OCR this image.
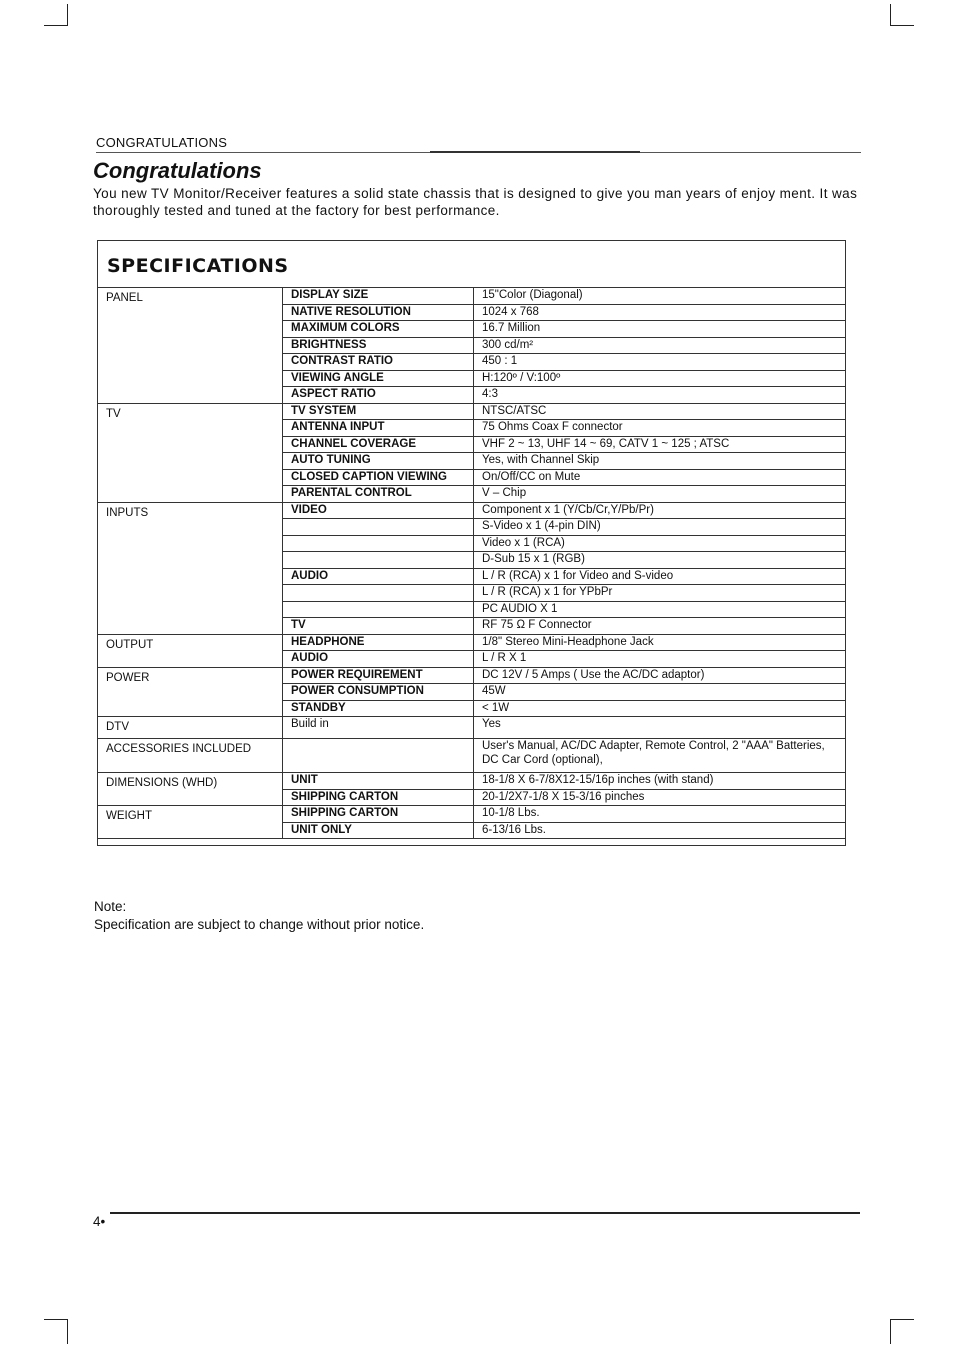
CONGRATULATIONS
Congratulations

You new TV Monitor/Receiver features a solid state chassis that is designed to give you man years of enjoy ment. It was thoroughly tested and tuned at the factory for best performance.

SPECIFICATIONS
PANEL	DISPLAY SIZE	15"Color (Diagonal)
	NATIVE RESOLUTION	1024 x 768
	MAXIMUM COLORS	16.7 Million
	BRIGHTNESS	300 cd/m²
	CONTRAST RATIO	450 : 1
	VIEWING ANGLE	H:120º / V:100º
	ASPECT RATIO	4:3
TV	TV SYSTEM	NTSC/ATSC
	ANTENNA INPUT	75 Ohms Coax F connector
	CHANNEL COVERAGE	VHF 2 ~ 13, UHF 14 ~ 69, CATV 1 ~ 125 ; ATSC
	AUTO TUNING	Yes, with Channel Skip
	CLOSED CAPTION VIEWING	On/Off/CC on Mute
	PARENTAL CONTROL	V – Chip
INPUTS	VIDEO	Component x 1 (Y/Cb/Cr,Y/Pb/Pr)
		S-Video x 1 (4-pin DIN)
		Video x 1 (RCA)
		D-Sub 15 x 1 (RGB)
	AUDIO	L / R (RCA) x 1 for Video and S-video
		L / R (RCA) x 1 for YPbPr
		PC AUDIO X 1
	TV	RF 75 Ω F Connector
OUTPUT	HEADPHONE	1/8" Stereo Mini-Headphone Jack
	AUDIO	L / R X 1
POWER	POWER REQUIREMENT	DC 12V / 5 Amps ( Use the AC/DC adaptor)
	POWER CONSUMPTION	45W
	STANDBY	< 1W
DTV	Build in	Yes
ACCESSORIES INCLUDED		User's Manual, AC/DC Adapter, Remote Control, 2 "AAA" Batteries, DC Car Cord (optional),
DIMENSIONS (WHD)	UNIT	18-1/8 X 6-7/8X12-15/16p inches (with stand)
	SHIPPING CARTON	20-1/2X7-1/8 X 15-3/16 pinches
WEIGHT	SHIPPING CARTON	10-1/8 Lbs.
	UNIT ONLY	6-13/16 Lbs.
Note:
Specification are subject to change without prior notice.
4•
